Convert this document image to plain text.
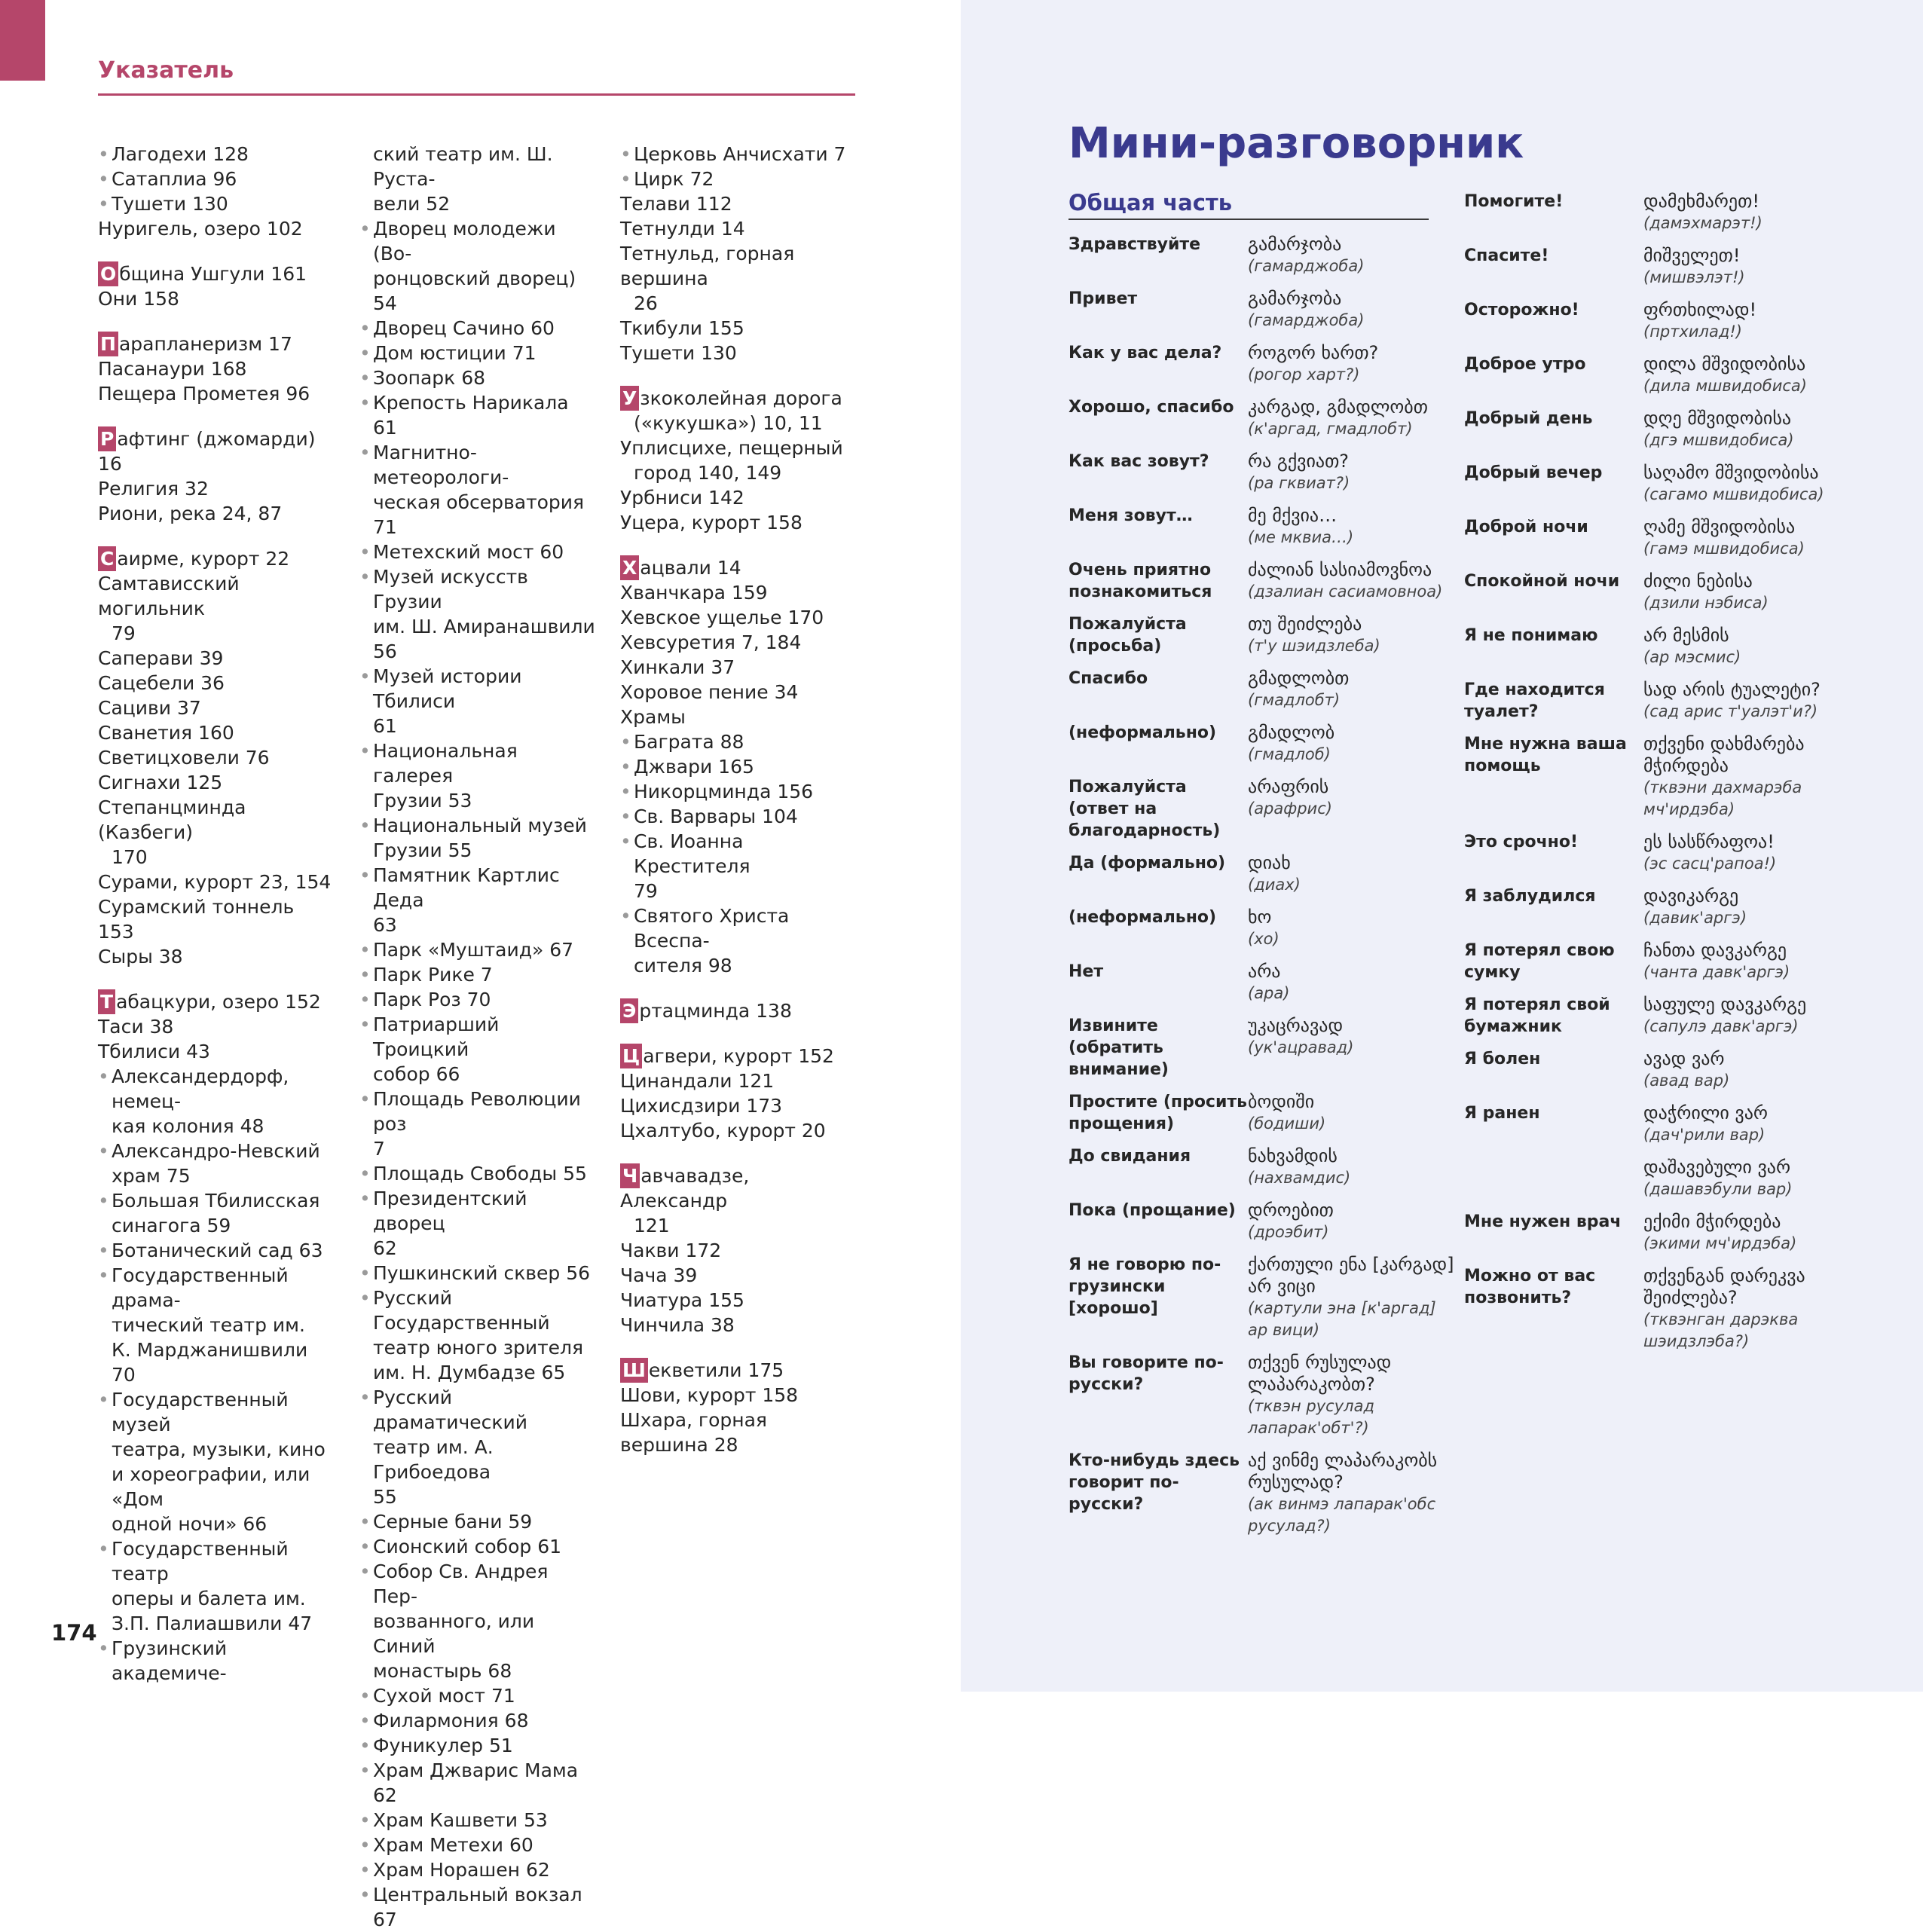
Указатель
• Лагодехи 128
• Сатаплиа 96
• Тушети 130
Нуригель, озеро 102
О бщина Ушгули 161
Они 158
П арапланеризм 17
Пасанаури 168
Пещера Прометея 96
Р афтинг (джомарди) 16
Религия 32
Риони, река 24, 87
С аирме, курорт 22
Самтавиcский могильник
79
Саперави 39
Сацебели 36
Сациви 37
Сванетия 160
Светицховели 76
Сигнахи 125
Степанцминда (Казбеги)
170
Сурами, курорт 23, 154
Сурамский тоннель 153
Сыры 38
Т абацкури, озеро 152
Таси 38
Тбилиси 43
• Александердорф, немец-
кая колония 48
• Александро-Невский
храм 75
• Большая Тбилисская
синагога 59
• Ботанический сад 63
• Государственный драма-
тический театр им.
К. Марджанишвили 70
• Государственный музей
театра, музыки, кино
и хореографии, или «Дом
одной ночи» 66
• Государственный театр
оперы и балета им.
З.П. Палиашвили 47
• Грузинский академиче-
ский театр им. Ш. Руста-
вели 52
• Дворец молодежи (Во-
ронцовский дворец) 54
• Дворец Сачино 60
• Дом юстиции 71
• Зоопарк 68
• Крепость Нарикала 61
• Магнитно-метеорологи-
ческая обсерватория 71
• Метехский мост 60
• Музей искусств Грузии
им. Ш. Амиранашвили 56
• Музей истории Тбилиси
61
• Национальная галерея
Грузии 53
• Национальный музей
Грузии 55
• Памятник Картлис Деда
63
• Парк «Муштаид» 67
• Парк Рике 7
• Парк Роз 70
• Патриарший Троицкий
собор 66
• Площадь Революции роз
7
• Площадь Свободы 55
• Президентский дворец
62
• Пушкинский сквер 56
• Русский Государственный
театр юного зрителя
им. Н. Думбадзе 65
• Русский драматический
театр им. А. Грибоедова
55
• Серные бани 59
• Сионский собор 61
• Собор Св. Андрея Пер-
возванного, или Синий
монастырь 68
• Сухой мост 71
• Филармония 68
• Фуникулер 51
• Храм Джварис Мама 62
• Храм Кашвети 53
• Храм Метехи 60
• Храм Норашен 62
• Центральный вокзал 67
• Церковь Анчисхати 7
• Цирк 72
Телави 112
Тетнулди 14
Тетнульд, горная вершина
26
Ткибули 155
Тушети 130
У зкоколейная дорога
(«кукушка») 10, 11
Уплисцихе, пещерный
город 140, 149
Урбниси 142
Уцера, курорт 158
Х ацвали 14
Хванчкара 159
Хевское ущелье 170
Хевсуретия 7, 184
Хинкали 37
Хоровое пение 34
Храмы
• Баграта 88
• Джвари 165
• Никорцминда 156
• Св. Варвары 104
• Св. Иоанна Крестителя
79
• Святого Христа Всеспа-
сителя 98
Э ртацминда 138
Ц агвери, курорт 152
Цинандали 121
Цихисдзири 173
Цхалтубо, курорт 20
Ч авчавадзе, Александр
121
Чакви 172
Чача 39
Чиатура 155
Чинчила 38
Ш екветили 175
Шови, курорт 158
Шхара, горная вершина 28
174
Мини-разговорник
Общая часть
Здравствуйте	გამარჯობა
(гамарджоба)
Привет	გამარჯობა
(гамарджоба)
Как у вас дела?	როგორ ხართ?
(рогор харт?)
Хорошо, спасибо კარგად, გმადლობთ
(к'аргад, гмадлобт)
Как вас зовут?	რა გქვიათ?
(ра гквиат?)
Меня зовут…	მე მქვია…
(ме мквиа…)
Очень приятно познакомиться
ძალიან სასიამოვნოა
(дзалиан сасиамовноа)
Пожалуйста (просьба)
თუ შეიძლება
(т'у шэидзлеба)
Спасибо	გმადლობთ
(гмадлобт)
(неформально)	გმადლობ
(гмадлоб)
Пожалуйста (ответ на благодарность)
არაფრის
(арафрис)
Да (формально)	დიახ
(диах)
(неформально)	ხო
(хо)
Нет	არა
(ара)
Извините (обратить внимание)
უკაცრავად
(ук'ацравад)
Простите (просить прощения)
ბოდიში
(бодиши)
До свидания	ნახვამდის
(нахвамдис)
Пока (прощание) დროებით
(дроэбит)
Я не говорю по-грузински [хорошо]
ქართული ენა [კარგად] არ ვიცი
(картули эна [к'аргад] ар вици)
Вы говорите по-русски?
თქვენ რუსულად ლაპარაკობთ?
(тквэн русулад лапарак'обт'?)
Кто-нибудь здесь говорит по-русски?
აქ ვინმე ლაპარაკობს რუსულად?
(ак винмэ лапарак'обс русулад?)
Помогите!	დამეხმარეთ!
(дамэхмарэт!)
Спасите!	მიშველეთ!
(мишвэлэт!)
Осторожно!	ფრთხილად!
(пртхилад!)
Доброе утро	დილა მშვიდობისა
(дила мшвидобиса)
Добрый день	დღე მშვიდობისა
(дгэ мшвидобиса)
Добрый вечер	საღამო მშვიდობისა
(сагамо мшвидобиса)
Доброй ночи	ღამე მშვიდობისა
(гамэ мшвидобиса)
Спокойной ночи	ძილი ნებისა
(дзили нэбиса)
Я не понимаю	არ მესმის
(ар мэсмис)
Где находится туалет?
სად არის ტუალეტი?
(сад арис т'уалэт'и?)
Мне нужна ваша помощь
თქვენი დახმარება მჭირდება
(тквэни дахмарэба мч'ирдэба)
Это срочно!	ეს სასწრაფოა!
(эс сасц'рапоа!)
Я заблудился	დავიკარგე
(давик'аргэ)
Я потерял свою сумку
ჩანთა დავკარგე
(чанта давк'аргэ)
Я потерял свой бумажник
საფულე დავკარგე
(сапулэ давк'аргэ)
Я болен	ავად ვარ
(авад вар)
Я ранен	დაჭრილი ვარ
(дач'рили вар)
დაშავებული ვარ
(дашавэбули вар)
Мне нужен врач	ექიმი მჭირდება
(экими мч'ирдэба)
Можно от вас позвонить?
თქვენგან დარეკვა შეიძლება?
(тквэнган дарэква шэидзлэба?)
